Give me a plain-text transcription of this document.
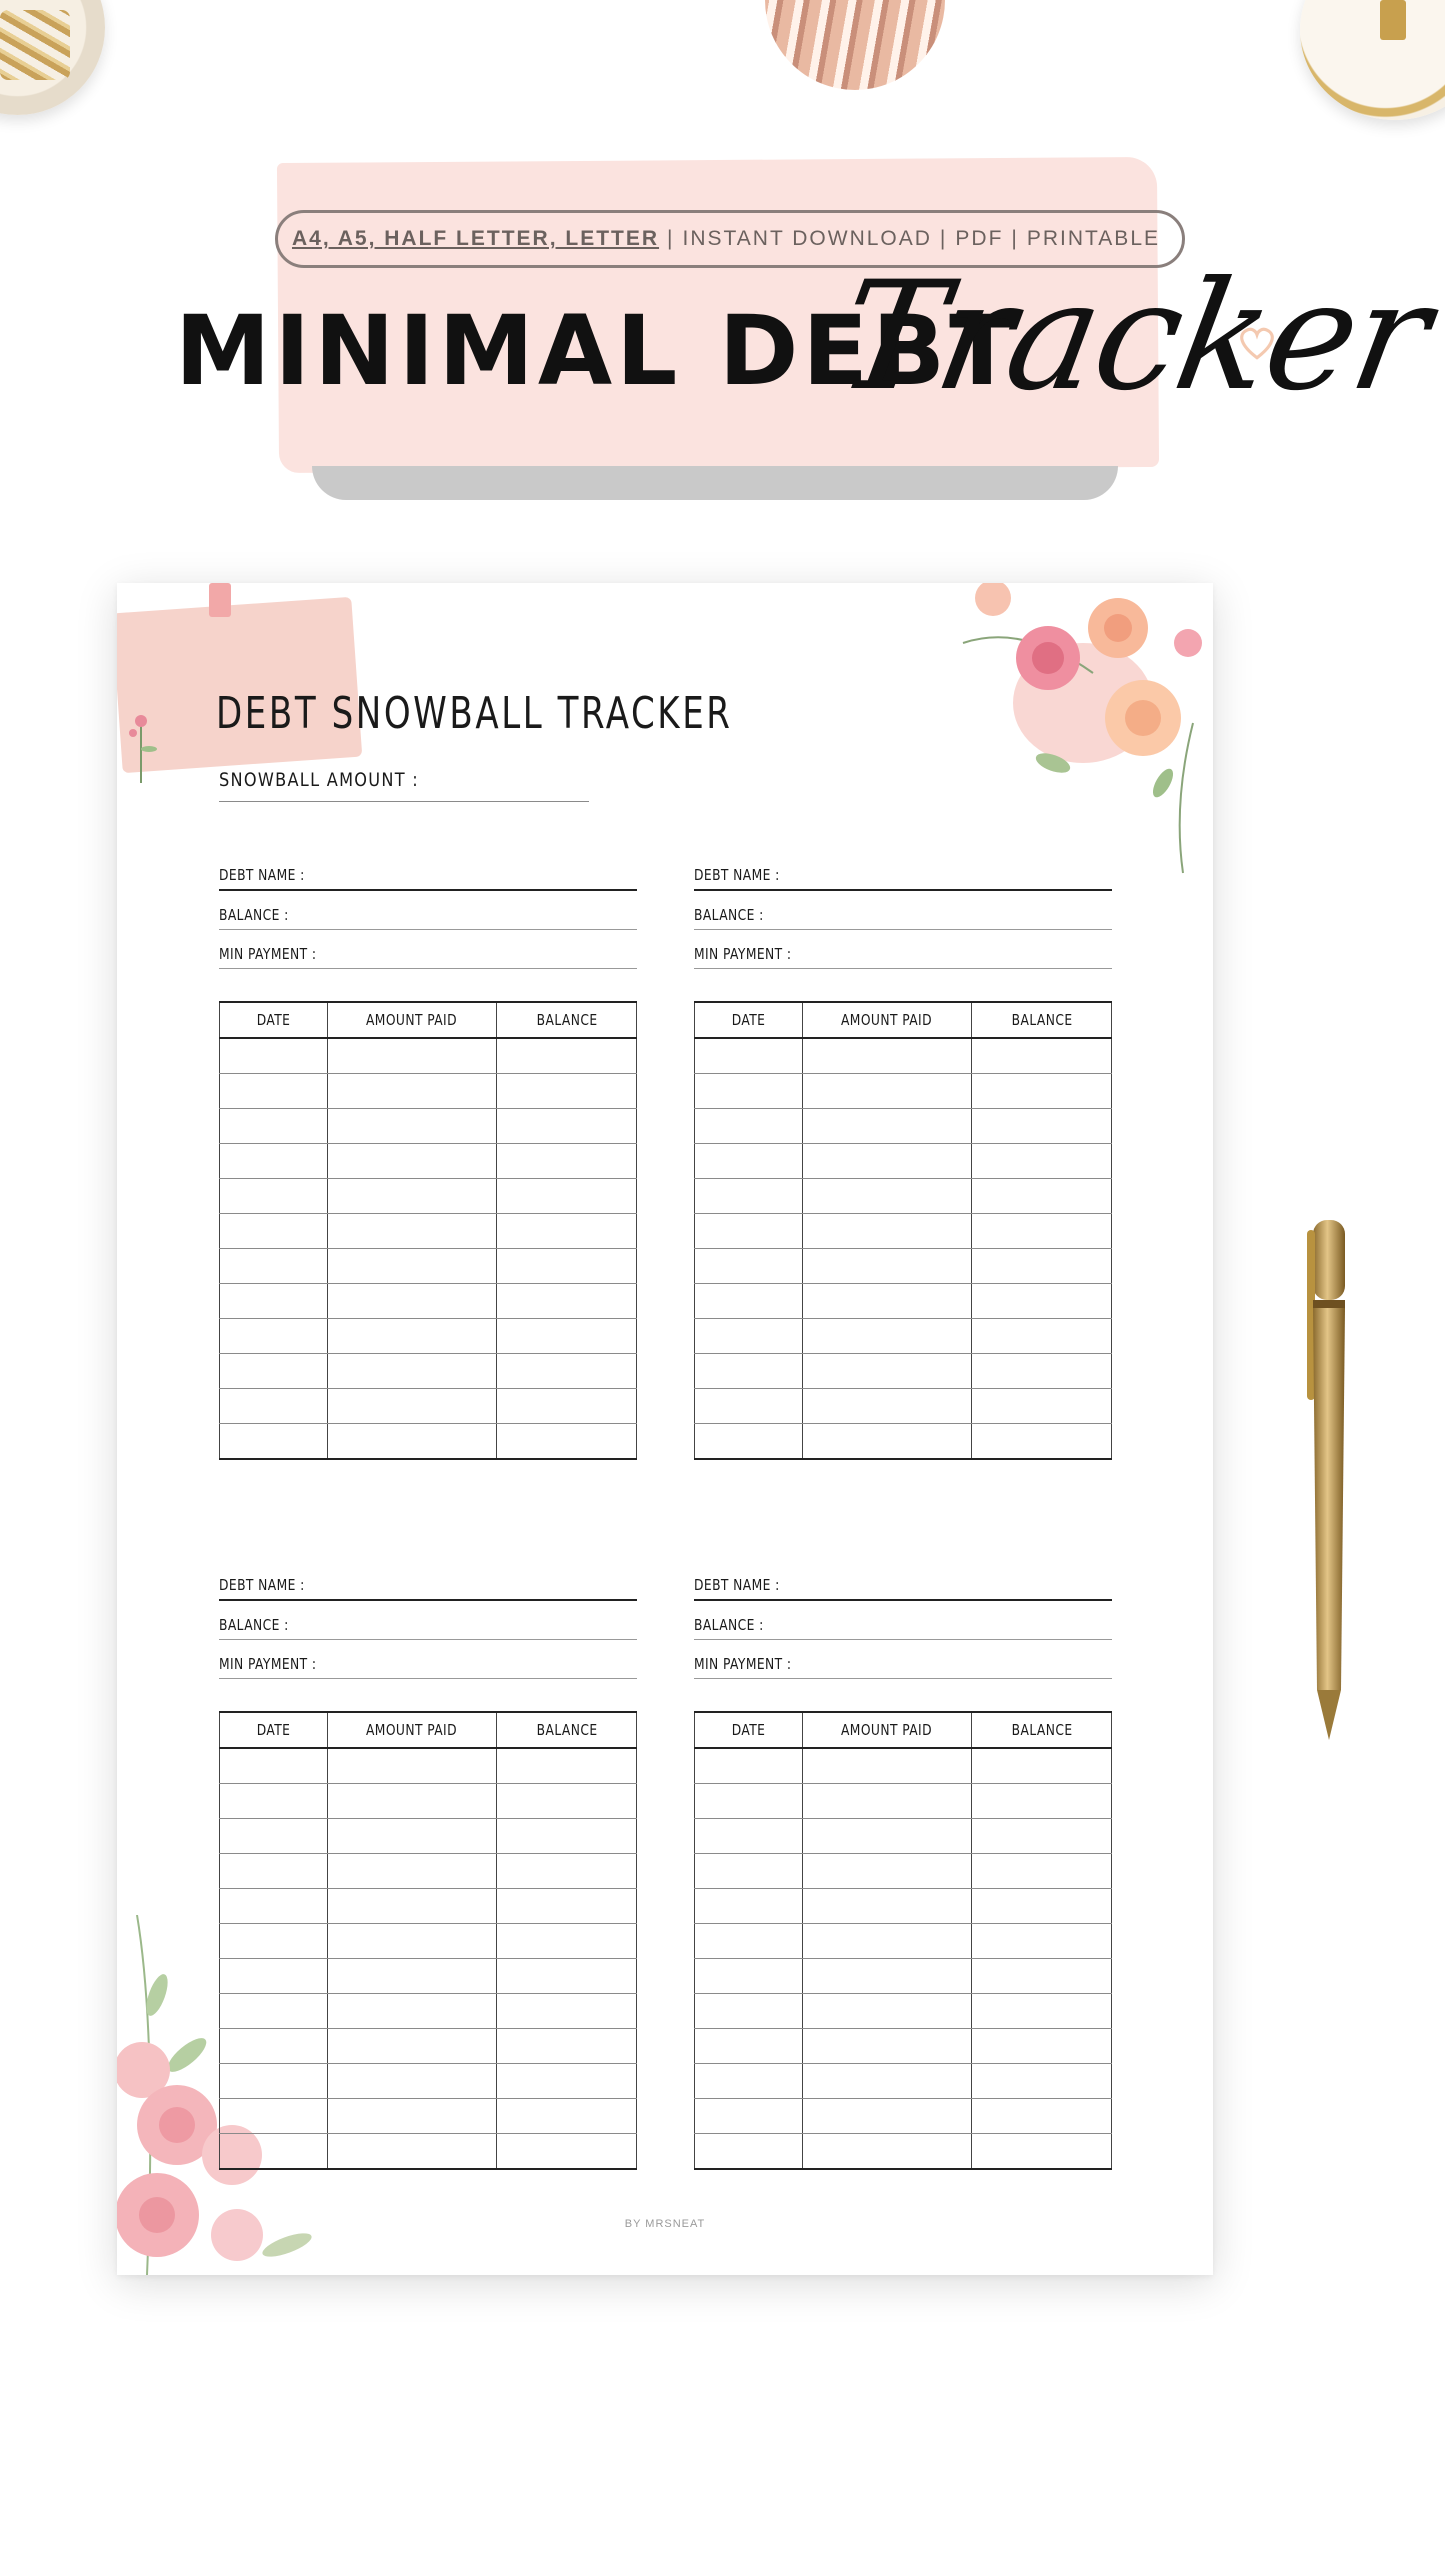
A4, A5, HALF LETTER, LETTER | INSTANT DOWNLOAD | PDF | PRINTABLE
MINIMAL DEBT
Tracker
DEBT SNOWBALL TRACKER
SNOWBALL AMOUNT :
DEBT NAME :
BALANCE :
MIN PAYMENT :
DATE	AMOUNT PAID	BALANCE

DEBT NAME :
BALANCE :
MIN PAYMENT :
DATE	AMOUNT PAID	BALANCE

DEBT NAME :
BALANCE :
MIN PAYMENT :
DATE	AMOUNT PAID	BALANCE

DEBT NAME :
BALANCE :
MIN PAYMENT :
DATE	AMOUNT PAID	BALANCE

BY MRSNEAT
